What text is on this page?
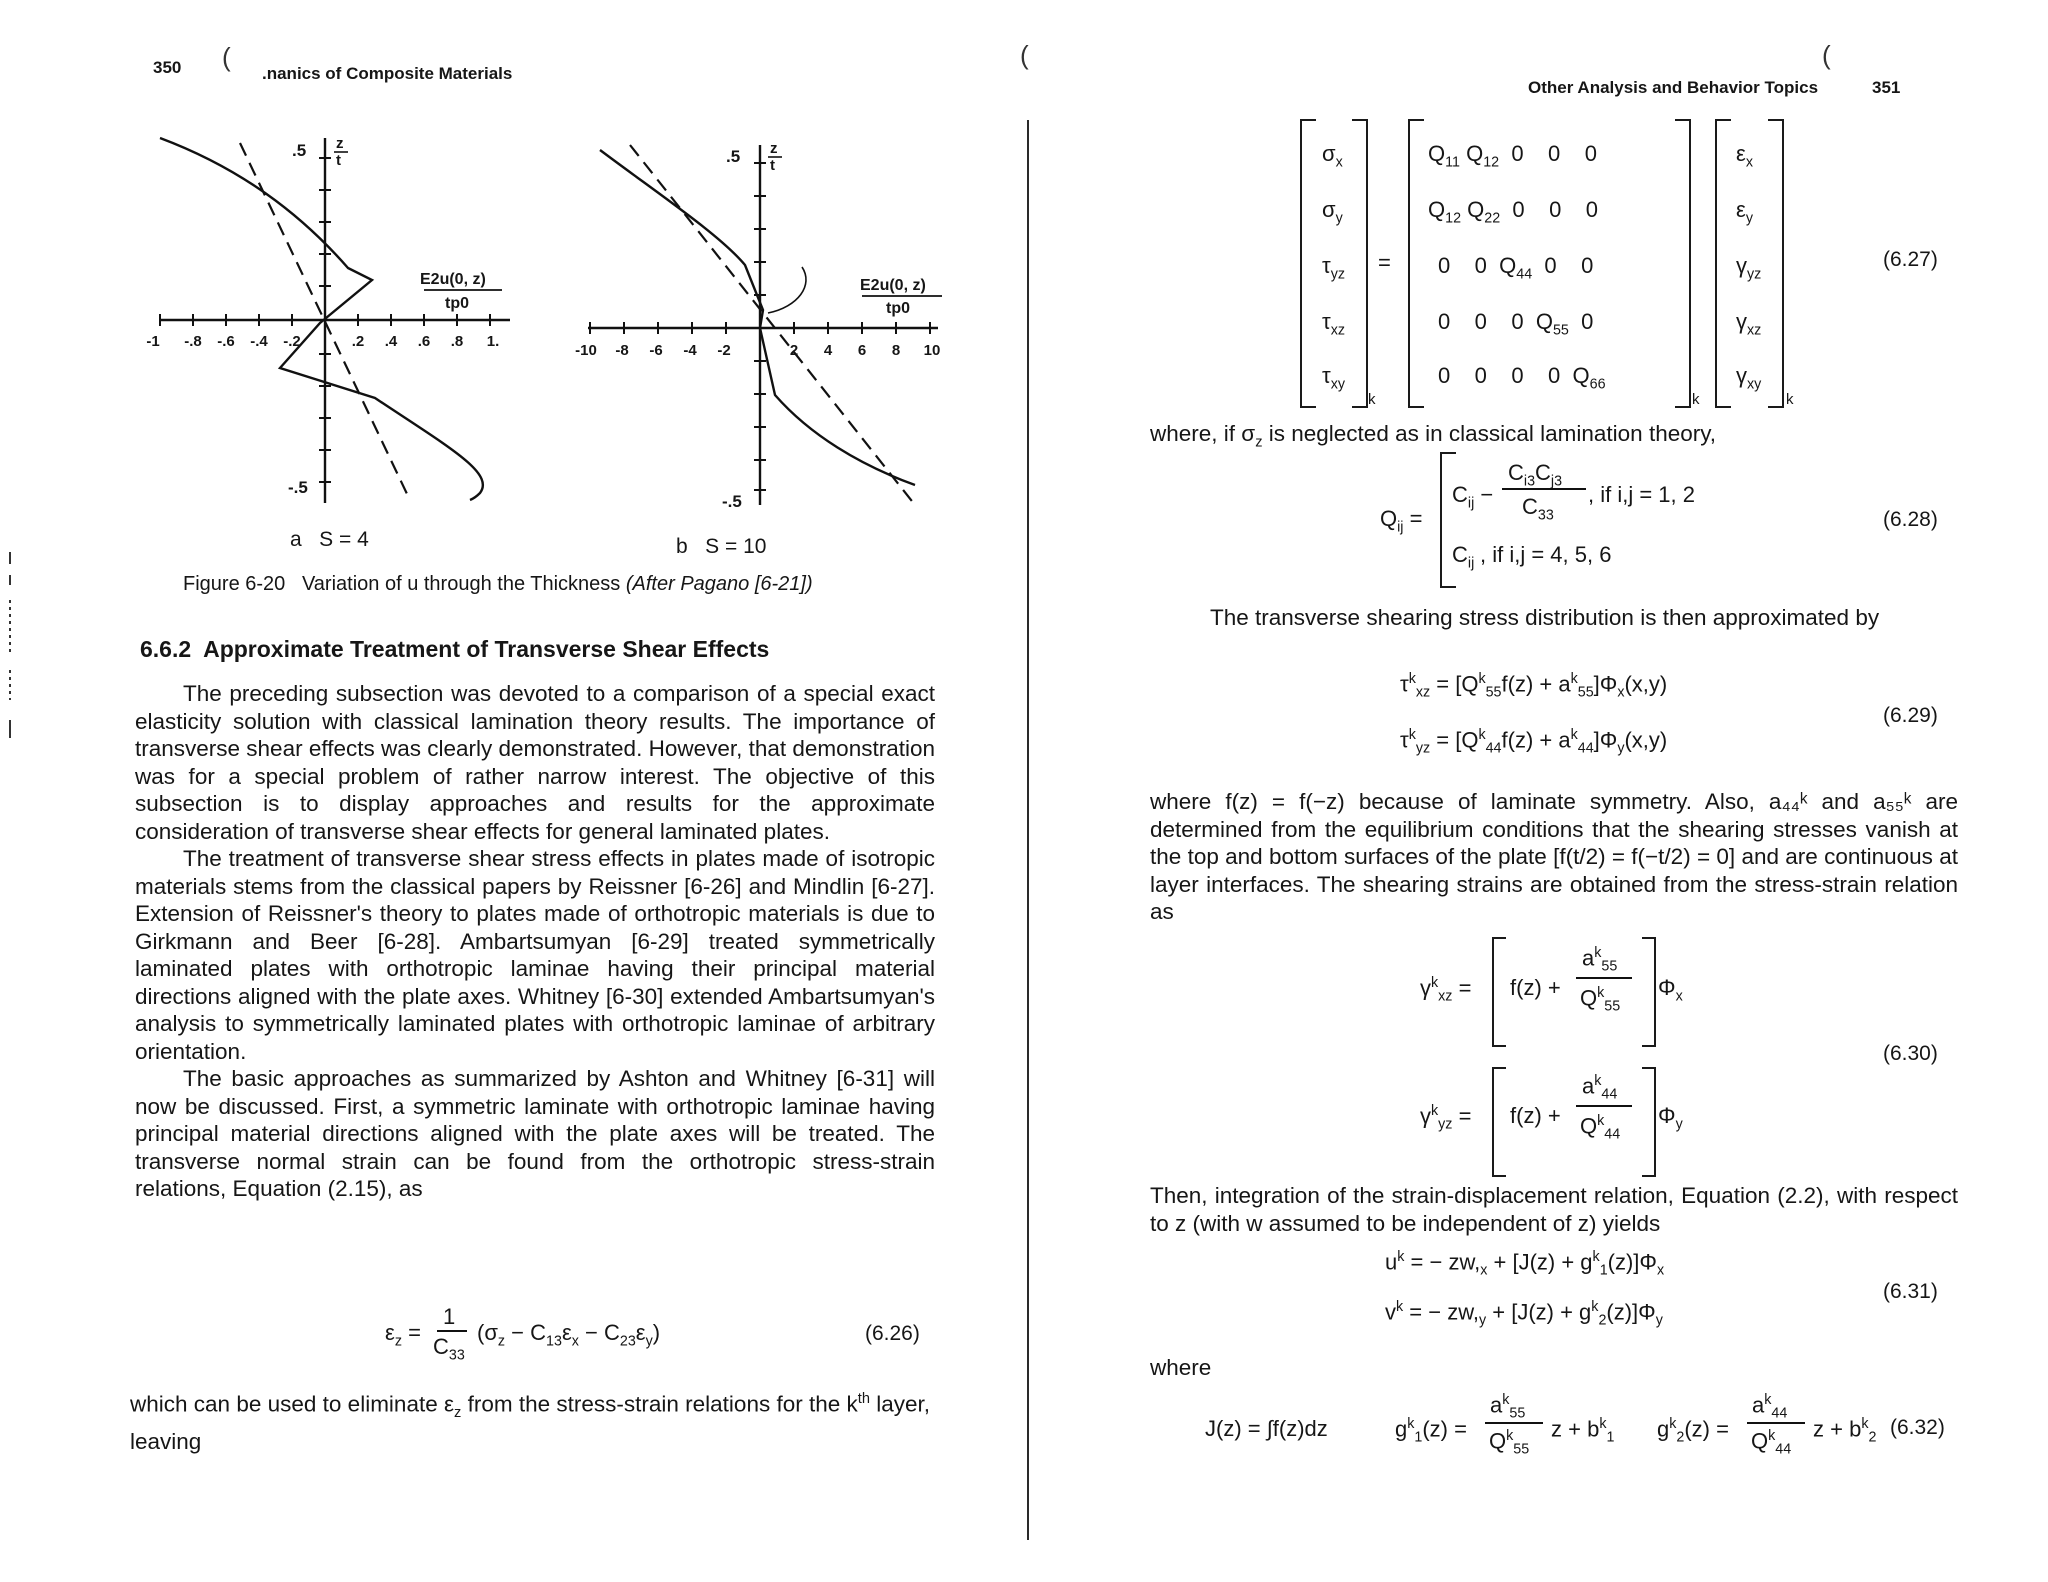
350 (
.nanics of Composite Materials
.5 z
t
-.5
E2u(0, z)
tp0
-1 -.8 -.6 -.4 -.2	.2 .4 .6 .8 1.
a   S = 4
.5 z
t
-.5
E2u(0, z)
tp0
-10 -8 -6 -4 -2	2 4 6 8 10
b   S = 10
Figure 6-20 Variation of u through the Thickness (After Pagano [6-21])
6.6.2  Approximate Treatment of Transverse Shear Effects

The preceding subsection was devoted to a comparison of a special exact elasticity solution with classical lamination theory results. The importance of transverse shear effects was clearly demonstrated. However, that demonstration was for a special problem of rather narrow interest. The objective of this subsection is to display approaches and results for the approximate consideration of transverse shear effects for general laminated plates.

The treatment of transverse shear stress effects in plates made of isotropic materials stems from the classical papers by Reissner [6-26] and Mindlin [6-27]. Extension of Reissner's theory to plates made of orthotropic materials is due to Girkmann and Beer [6-28]. Ambartsumyan [6-29] treated symmetrically laminated plates with orthotropic laminae having their principal material directions aligned with the plate axes. Whitney [6-30] extended Ambartsumyan's analysis to symmetrically laminated plates with orthotropic laminae of arbitrary orientation.

The basic approaches as summarized by Ashton and Whitney [6-31] will now be discussed. First, a symmetric laminate with orthotropic laminae having principal material directions aligned with the plate axes will be treated. The transverse normal strain can be found from the orthotropic stress-strain relations, Equation (2.15), as

$\varepsilon_z$ =
1
$C_{33}$
$(\sigma_z - C_{13}\varepsilon_x - C_{23}\varepsilon_y)$	(6.26)
which can be used to eliminate $\varepsilon_z$ from the stress-strain relations for the $k^{th}$ layer, leaving
(	(
Other Analysis and Behavior Topics	351
$\sigma_x$
$\sigma_y$
$\tau_{yz}$
$\tau_{xz}$
$\tau_{xy}$
k
=
$Q_{11}$ $Q_{12}$  0    0    0
$Q_{12}$ $Q_{22}$  0    0    0
0    0  $Q_{44}$  0    0
0    0    0  $Q_{55}$  0
0    0    0    0  $Q_{66}$
k
$\varepsilon_x$
$\varepsilon_y$
$\gamma_{yz}$
$\gamma_{xz}$
$\gamma_{xy}$
k
(6.27)
where, if $\sigma_z$ is neglected as in classical lamination theory,
$Q_{ij}$ =
$C_{ij}$ −
$C_{i3}C_{j3}$
$C_{33}$
, if i,j = 1, 2
$C_{ij}$ , if i,j = 4, 5, 6
(6.28)
The transverse shearing stress distribution is then approximated by
$\tau^k_{xz} = [Q^k_{55}f(z) + a^k_{55}]\Phi_x(x,y)$
$\tau^k_{yz} = [Q^k_{44}f(z) + a^k_{44}]\Phi_y(x,y)$
(6.29)
where f(z) = f(−z) because of laminate symmetry. Also, a₄₄ᵏ and a₅₅ᵏ are determined from the equilibrium conditions that the shearing stresses vanish at the top and bottom surfaces of the plate [f(t/2) = f(−t/2) = 0] and are continuous at layer interfaces. The shearing strains are obtained from the stress-strain relation as
$\gamma^k_{xz} = f(z)$ +
$a^k_{55}$
$Q^k_{55}$
$\Phi_x$
$\gamma^k_{yz} = f(z)$ +
$a^k_{44}$
$Q^k_{44}$
$\Phi_y$
(6.30)
Then, integration of the strain-displacement relation, Equation (2.2), with respect to z (with w assumed to be independent of z) yields
$u^k$ = − $zw,_x + [J(z) + g^k_1(z)]\Phi_x$
$v^k$ = − $zw,_y + [J(z) + g^k_2(z)]\Phi_y$
(6.31)
where
J(z) = ∫f(z)dz	$g^k_1(z)$ =
$a^k_{55}$
$Q^k_{55}$
$z + b^k_1$ $g^k_2(z)$ =
$a^k_{44}$
$Q^k_{44}$
$z + b^k_2$ (6.32)
